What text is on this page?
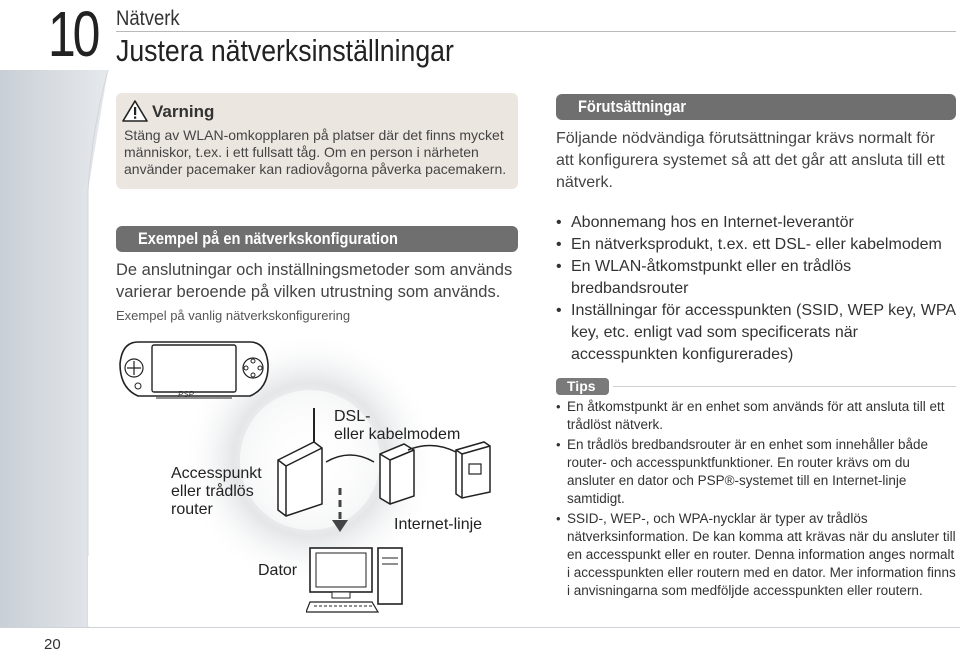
10 Nätverk
Justera nätverksinställningar
20
Varning
Stäng av WLAN-omkopplaren på platser där det finns mycket människor, t.ex. i ett fullsatt tåg. Om en person i närheten använder pacemaker kan radiovågorna påverka pacemakern.
Exempel på en nätverkskonfiguration
De anslutningar och inställningsmetoder som används varierar beroende på vilken utrustning som används.
Exempel på vanlig nätverkskonfigurering
PSP
Accesspunkt
eller trådlös
router
DSL-
eller kabelmodem
Internet-linje
Dator
Förutsättningar
Följande nödvändiga förutsättningar krävs normalt för att konfigurera systemet så att det går att ansluta till ett nätverk.
• Abonnemang hos en Internet-leverantör
• En nätverksprodukt, t.ex. ett DSL- eller kabelmodem
• En WLAN-åtkomstpunkt eller en trådlös bredbandsrouter
• Inställningar för accesspunkten (SSID, WEP key, WPA key, etc. enligt vad som specificerats när accesspunkten konfigurerades)
Tips
• En åtkomstpunkt är en enhet som används för att ansluta till ett trådlöst nätverk.
• En trådlös bredbandsrouter är en enhet som innehåller både router- och accesspunktfunktioner. En router krävs om du ansluter en dator och PSP®-systemet till en Internet-linje samtidigt.
• SSID-, WEP-, och WPA-nycklar är typer av trådlös nätverksinformation. De kan komma att krävas när du ansluter till en accesspunkt eller en router. Denna information anges normalt i accesspunkten eller routern med en dator. Mer information finns i anvisningarna som medföljde accesspunkten eller routern.
